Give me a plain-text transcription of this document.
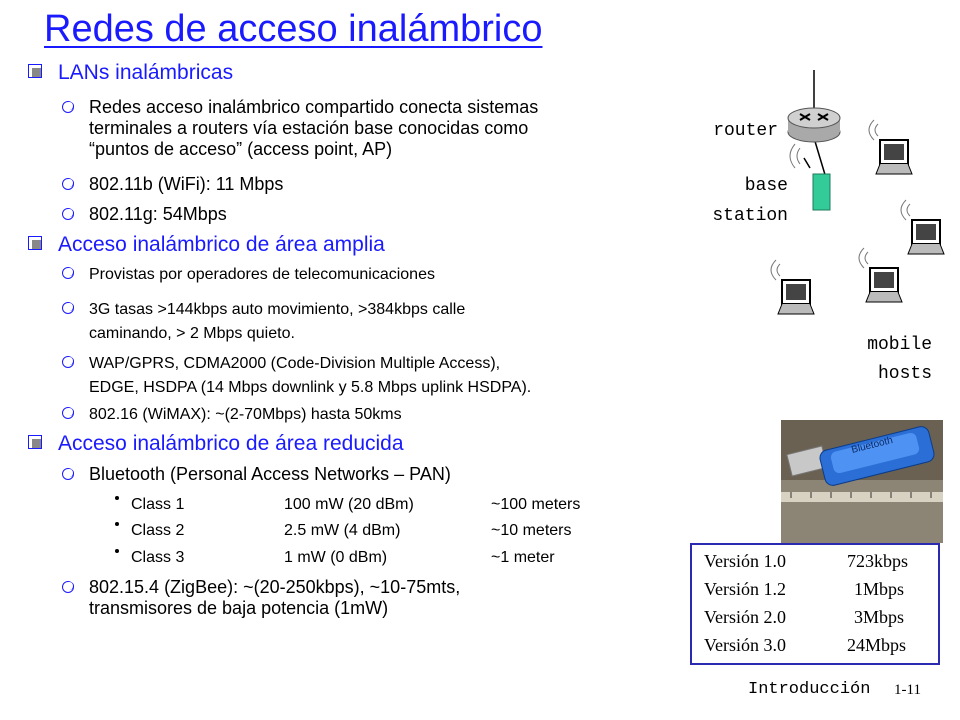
Redes de acceso inalámbrico
LANs inalámbricas
Redes acceso inalámbrico compartido conecta sistemas
terminales a routers vía estación base conocidas como
“puntos de acceso” (access point, AP)
802.11b (WiFi): 11 Mbps
802.11g: 54Mbps
Acceso inalámbrico de área amplia
Provistas por operadores de telecomunicaciones
3G tasas >144kbps auto movimiento, >384kbps calle
caminando, > 2 Mbps quieto.
WAP/GPRS, CDMA2000 (Code-Division Multiple Access),
EDGE, HSDPA (14 Mbps downlink y 5.8 Mbps uplink HSDPA).
802.16 (WiMAX): ~(2-70Mbps) hasta 50kms
Acceso inalámbrico de área reducida
Bluetooth (Personal Access Networks – PAN)
Class 1	100 mW (20 dBm)	~100 meters
Class 2	2.5 mW (4 dBm)	~10 meters
Class 3	1 mW (0 dBm)	~1 meter
802.15.4 (ZigBee): ~(20-250kbps), ~10-75mts,
transmisores de baja potencia (1mW)
router
base
station
mobile
hosts
Bluetooth
Versión 1.0	723kbps
Versión 1.2	1Mbps
Versión 2.0	3Mbps
Versión 3.0	24Mbps
Introducción 1-11
